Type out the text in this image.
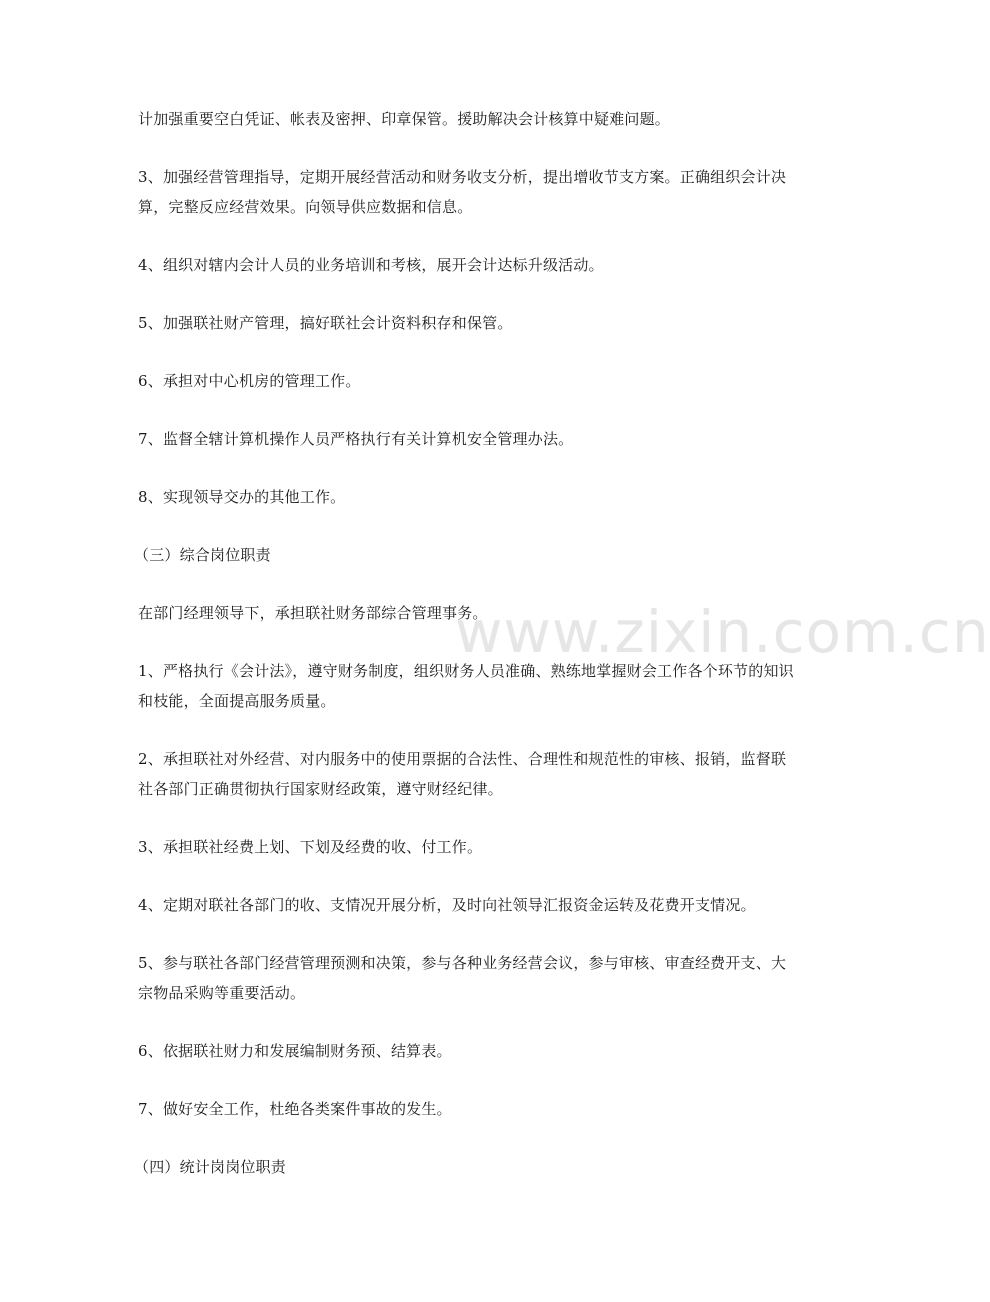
www.zixin.com.cn

计加强重要空白凭证、帐表及密押、印章保管。援助解决会计核算中疑难问题。

3、加强经营管理指导，定期开展经营活动和财务收支分析，提出增收节支方案。正确组织会计决算，完整反应经营效果。向领导供应数据和信息。

4、组织对辖内会计人员的业务培训和考核，展开会计达标升级活动。

5、加强联社财产管理，搞好联社会计资料积存和保管。

6、承担对中心机房的管理工作。

7、监督全辖计算机操作人员严格执行有关计算机安全管理办法。

8、实现领导交办的其他工作。

（三）综合岗位职责

在部门经理领导下，承担联社财务部综合管理事务。

1、严格执行《会计法》，遵守财务制度，组织财务人员准确、熟练地掌握财会工作各个环节的知识和枝能，全面提高服务质量。

2、承担联社对外经营、对内服务中的使用票据的合法性、合理性和规范性的审核、报销，监督联社各部门正确贯彻执行国家财经政策，遵守财经纪律。

3、承担联社经费上划、下划及经费的收、付工作。

4、定期对联社各部门的收、支情况开展分析，及时向社领导汇报资金运转及花费开支情况。

5、参与联社各部门经营管理预测和决策，参与各种业务经营会议，参与审核、审查经费开支、大宗物品采购等重要活动。

6、依据联社财力和发展编制财务预、结算表。

7、做好安全工作，杜绝各类案件事故的发生。

（四）统计岗岗位职责
